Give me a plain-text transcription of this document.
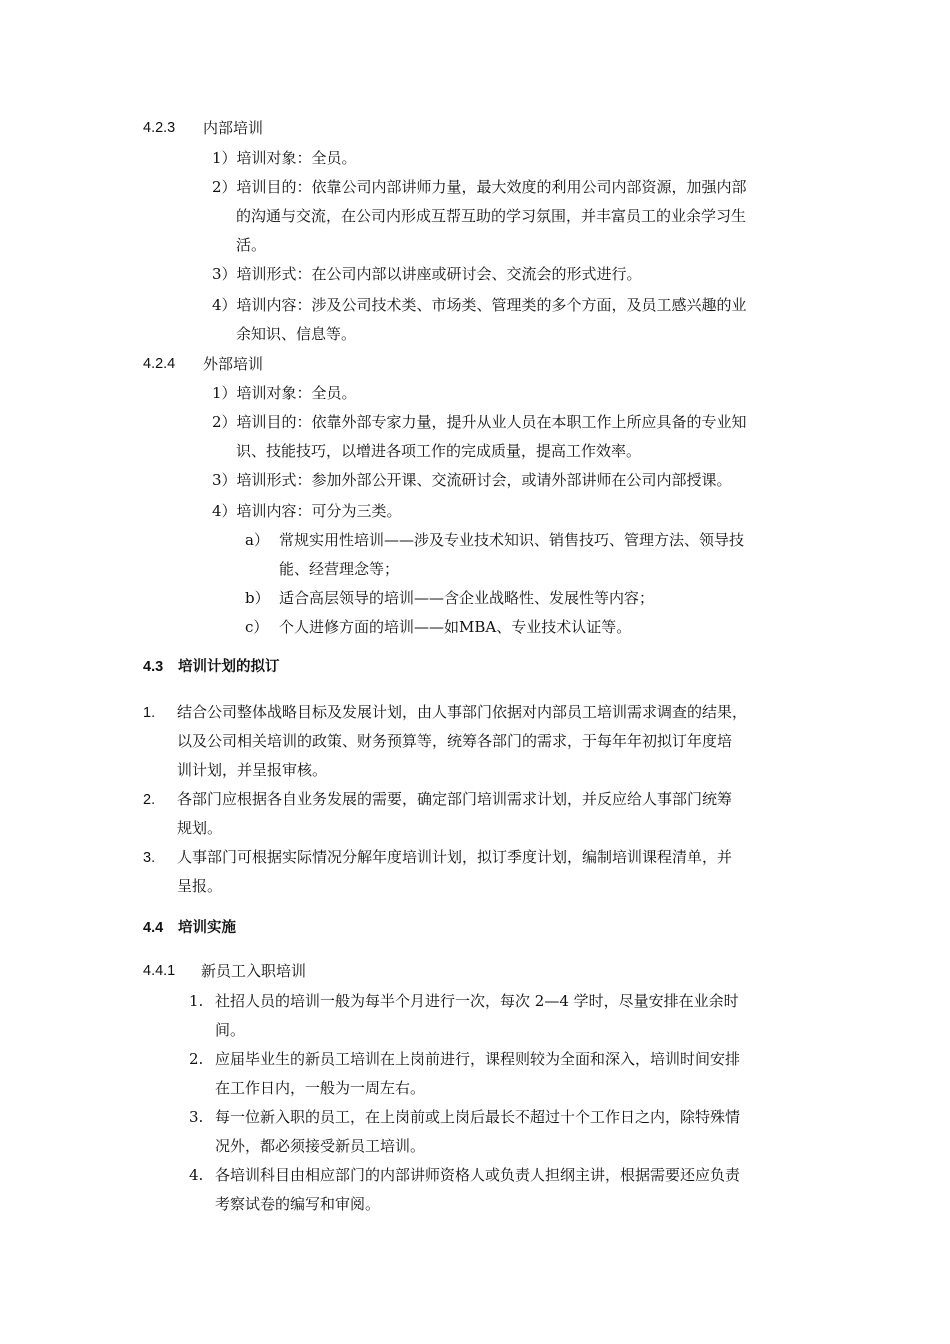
4.2.3 内部培训
1）培训对象：全员。
2）培训目的：依靠公司内部讲师力量，最大效度的利用公司内部资源，加强内部
的沟通与交流，在公司内形成互帮互助的学习氛围，并丰富员工的业余学习生
活。
3）培训形式：在公司内部以讲座或研讨会、交流会的形式进行。
4）培训内容：涉及公司技术类、市场类、管理类的多个方面，及员工感兴趣的业
余知识、信息等。
4.2.4 外部培训
1）培训对象：全员。
2）培训目的：依靠外部专家力量，提升从业人员在本职工作上所应具备的专业知
识、技能技巧，以增进各项工作的完成质量，提高工作效率。
3）培训形式：参加外部公开课、交流研讨会，或请外部讲师在公司内部授课。
4）培训内容：可分为三类。
a） 常规实用性培训——涉及专业技术知识、销售技巧、管理方法、领导技
能、经营理念等；
b） 适合高层领导的培训——含企业战略性、发展性等内容；
c） 个人进修方面的培训——如MBA、专业技术认证等。
4.3 培训计划的拟订
1. 结合公司整体战略目标及发展计划，由人事部门依据对内部员工培训需求调查的结果，
以及公司相关培训的政策、财务预算等，统筹各部门的需求，于每年年初拟订年度培
训计划，并呈报审核。
2. 各部门应根据各自业务发展的需要，确定部门培训需求计划，并反应给人事部门统筹
规划。
3. 人事部门可根据实际情况分解年度培训计划，拟订季度计划，编制培训课程清单，并
呈报。
4.4 培训实施
4.4.1 新员工入职培训
1. 社招人员的培训一般为每半个月进行一次，每次 2—4 学时，尽量安排在业余时
间。
2. 应届毕业生的新员工培训在上岗前进行，课程则较为全面和深入，培训时间安排
在工作日内，一般为一周左右。
3. 每一位新入职的员工，在上岗前或上岗后最长不超过十个工作日之内，除特殊情
况外，都必须接受新员工培训。
4. 各培训科目由相应部门的内部讲师资格人或负责人担纲主讲，根据需要还应负责
考察试卷的编写和审阅。
